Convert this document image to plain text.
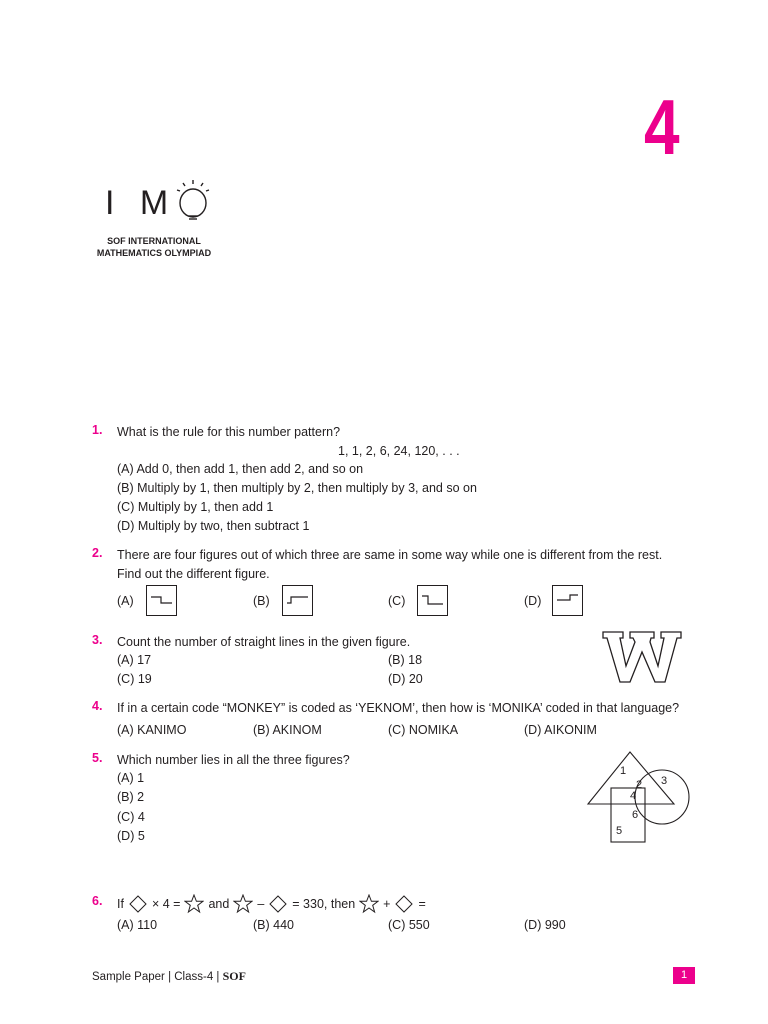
4
I M
SOF INTERNATIONAL
MATHEMATICS OLYMPIAD
1. What is the rule for this number pattern?
1, 1, 2, 6, 24, 120, . . .
(A) Add 0, then add 1, then add 2, and so on
(B) Multiply by 1, then multiply by 2, then multiply by 3, and so on
(C) Multiply by 1, then add 1
(D) Multiply by two, then subtract 1
2. There are four figures out of which three are same in some way while one is different from the rest.
Find out the different figure.
(A)	(B)	(C)	(D)
3. Count the number of straight lines in the given figure.
(A) 17	(B) 18
(C) 19	(D) 20
4. If in a certain code “MONKEY” is coded as ‘YEKNOM’, then how is ‘MONIKA’ coded in that language?
(A) KANIMO	(B) AKINOM	(C) NOMIKA	(D) AIKONIM
5. Which number lies in all the three figures?
(A) 1
(B) 2
(C) 4
(D) 5
1
2 3
4
6
5
6. If × 4 = and – = 330, then + =
(A) 110	(B) 440	(C) 550	(D) 990
Sample Paper | Class-4 | SOF	1
